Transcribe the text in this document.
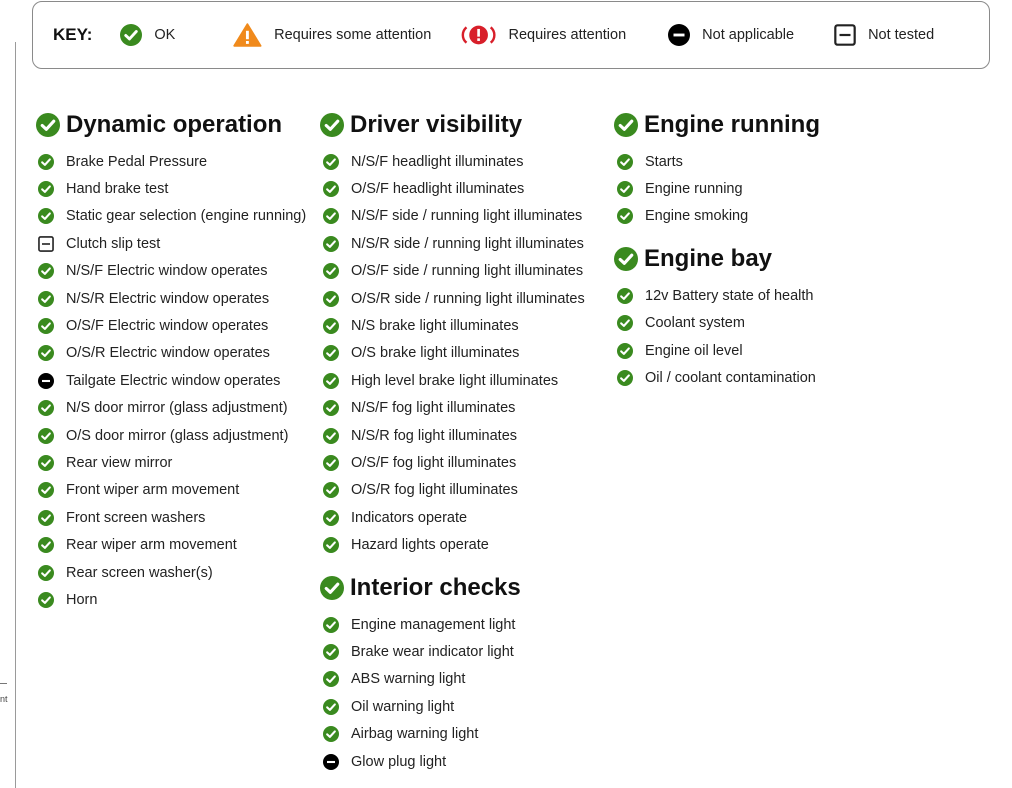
nt
KEY:	OK	Requires some attention	Requires attention	Not applicable	Not tested
Dynamic operation
Brake Pedal Pressure
Hand brake test
Static gear selection (engine running)
Clutch slip test
N/S/F Electric window operates
N/S/R Electric window operates
O/S/F Electric window operates
O/S/R Electric window operates
Tailgate Electric window operates
N/S door mirror (glass adjustment)
O/S door mirror (glass adjustment)
Rear view mirror
Front wiper arm movement
Front screen washers
Rear wiper arm movement
Rear screen washer(s)
Horn
Driver visibility
N/S/F headlight illuminates
O/S/F headlight illuminates
N/S/F side / running light illuminates
N/S/R side / running light illuminates
O/S/F side / running light illuminates
O/S/R side / running light illuminates
N/S brake light illuminates
O/S brake light illuminates
High level brake light illuminates
N/S/F fog light illuminates
N/S/R fog light illuminates
O/S/F fog light illuminates
O/S/R fog light illuminates
Indicators operate
Hazard lights operate
Interior checks
Engine management light
Brake wear indicator light
ABS warning light
Oil warning light
Airbag warning light
Glow plug light
Engine running
Starts
Engine running
Engine smoking
Engine bay
12v Battery state of health
Coolant system
Engine oil level
Oil / coolant contamination
